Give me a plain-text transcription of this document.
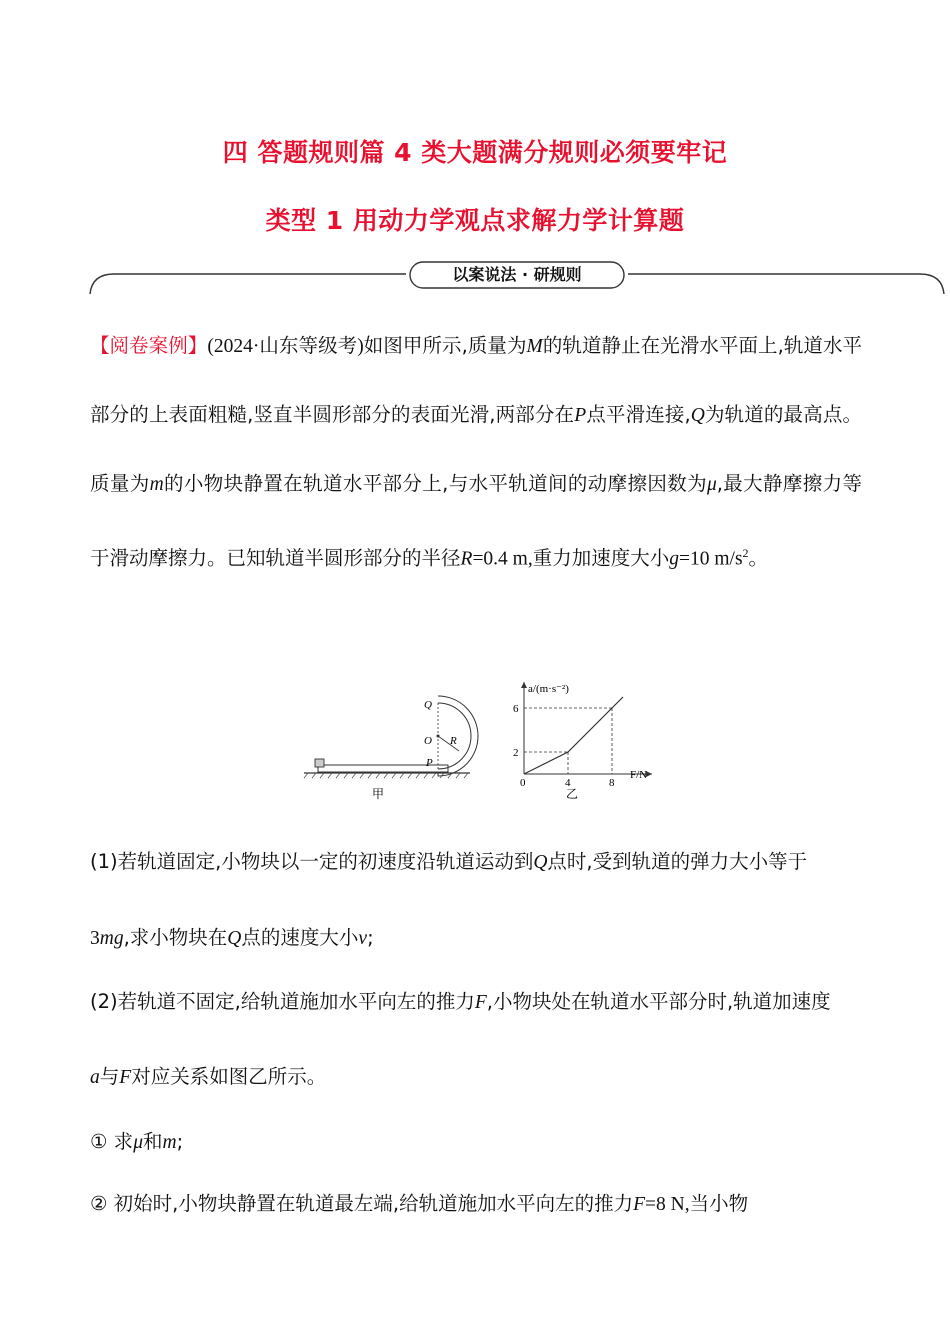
四 答题规则篇 4 类大题满分规则必须要牢记
类型 1 用动力学观点求解力学计算题
以案说法 · 研规则

【阅卷案例】(2024·山东等级考)如图甲所示,质量为M的轨道静止在光滑水平面上,轨道水平部分的上表面粗糙,竖直半圆形部分的表面光滑,两部分在P点平滑连接,Q为轨道的最高点。质量为m的小物块静置在轨道水平部分上,与水平轨道间的动摩擦因数为μ,最大静摩擦力等于滑动摩擦力。已知轨道半圆形部分的半径R=0.4 m,重力加速度大小g=10 $m/s^2$。

Q
O
P
R
甲
a/(m·s⁻²)
F/N
0
2
6
4	8
乙
(1)若轨道固定,小物块以一定的初速度沿轨道运动到Q点时,受到轨道的弹力大小等于
3mg,求小物块在Q点的速度大小v;
(2)若轨道不固定,给轨道施加水平向左的推力F,小物块处在轨道水平部分时,轨道加速度
a与F对应关系如图乙所示。
① 求μ和m;
② 初始时,小物块静置在轨道最左端,给轨道施加水平向左的推力F=8 N,当小物
